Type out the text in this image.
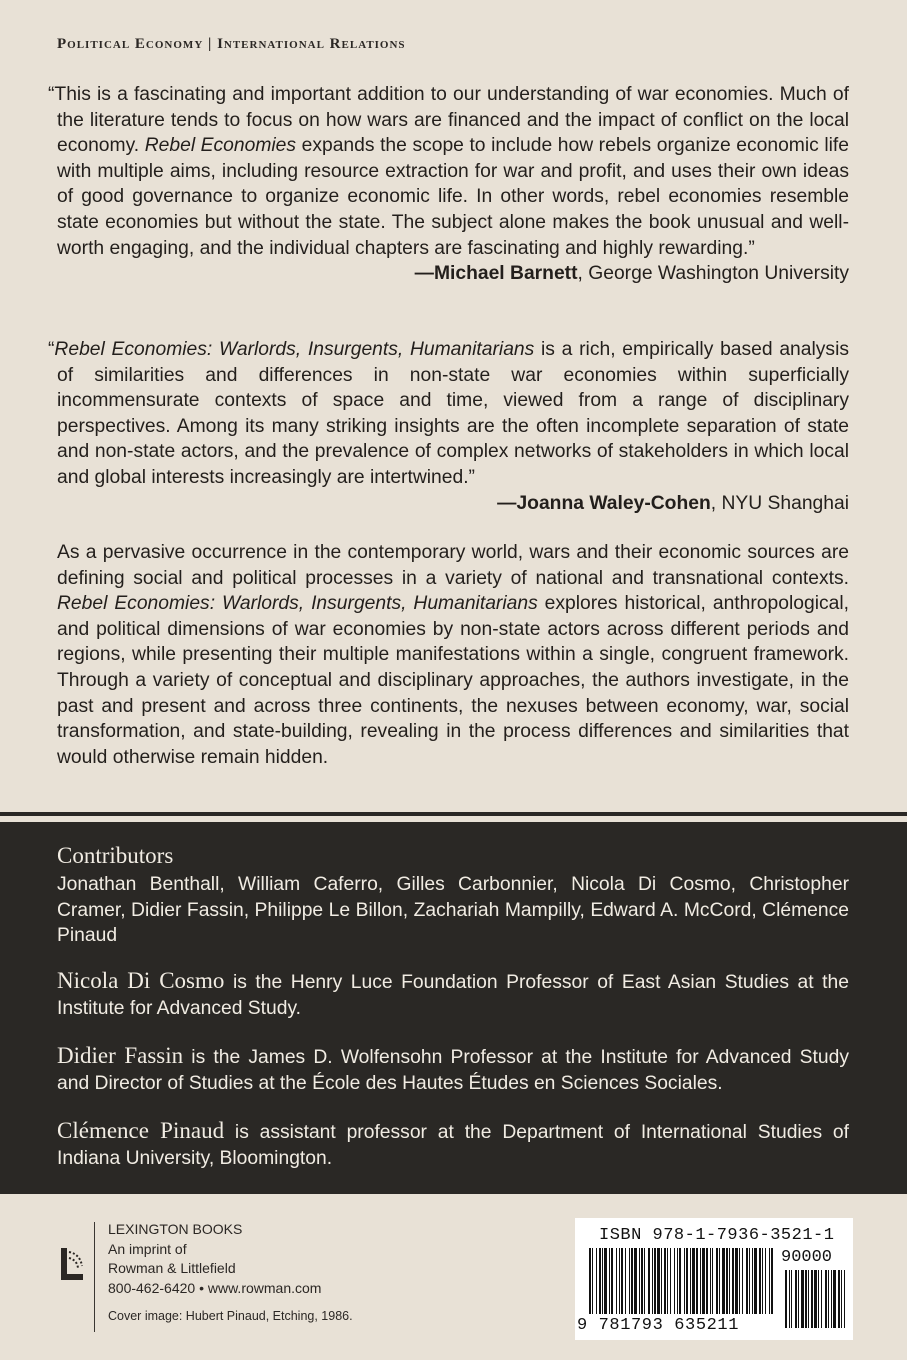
Political Economy | International Relations

“This is a fascinating and important addition to our understanding of war economies. Much of the literature tends to focus on how wars are financed and the impact of conflict on the local economy. Rebel Economies expands the scope to include how rebels organize economic life with multiple aims, including resource extraction for war and profit, and uses their own ideas of good governance to organize economic life. In other words, rebel economies resemble state economies but without the state. The subject alone makes the book unusual and well-worth engaging, and the individual chapters are fascinating and highly rewarding.”

—Michael Barnett, George Washington University

“Rebel Economies: Warlords, Insurgents, Humanitarians is a rich, empirically based analysis of similarities and differences in non-state war economies within superficially incommensurate contexts of space and time, viewed from a range of disciplinary perspectives. Among its many striking insights are the often incomplete separation of state and non-state actors, and the prevalence of complex networks of stakeholders in which local and global interests increasingly are intertwined.”

—Joanna Waley-Cohen, NYU Shanghai

As a pervasive occurrence in the contemporary world, wars and their economic sources are defining social and political processes in a variety of national and transnational contexts. Rebel Economies: Warlords, Insurgents, Humanitarians explores historical, anthropological, and political dimensions of war economies by non-state actors across different periods and regions, while presenting their multiple manifestations within a single, congruent framework. Through a variety of conceptual and disciplinary approaches, the authors investigate, in the past and present and across three continents, the nexuses between economy, war, social transformation, and state-building, revealing in the process differences and similarities that would otherwise remain hidden.

Contributors
Jonathan Benthall, William Caferro, Gilles Carbonnier, Nicola Di Cosmo, Christopher Cramer, Didier Fassin, Philippe Le Billon, Zachariah Mampilly, Edward A. McCord, Clémence Pinaud
Nicola Di Cosmo is the Henry Luce Foundation Professor of East Asian Studies at the Institute for Advanced Study.
Didier Fassin is the James D. Wolfensohn Professor at the Institute for Advanced Study and Director of Studies at the École des Hautes Études en Sciences Sociales.
Clémence Pinaud is assistant professor at the Department of International Studies of Indiana University, Bloomington.
LEXINGTON BOOKS
An imprint of
Rowman & Littlefield
800-462-6420 • www.rowman.com
Cover image: Hubert Pinaud, Etching, 1986.
ISBN 978-1-7936-3521-1
90000
9 781793 635211
